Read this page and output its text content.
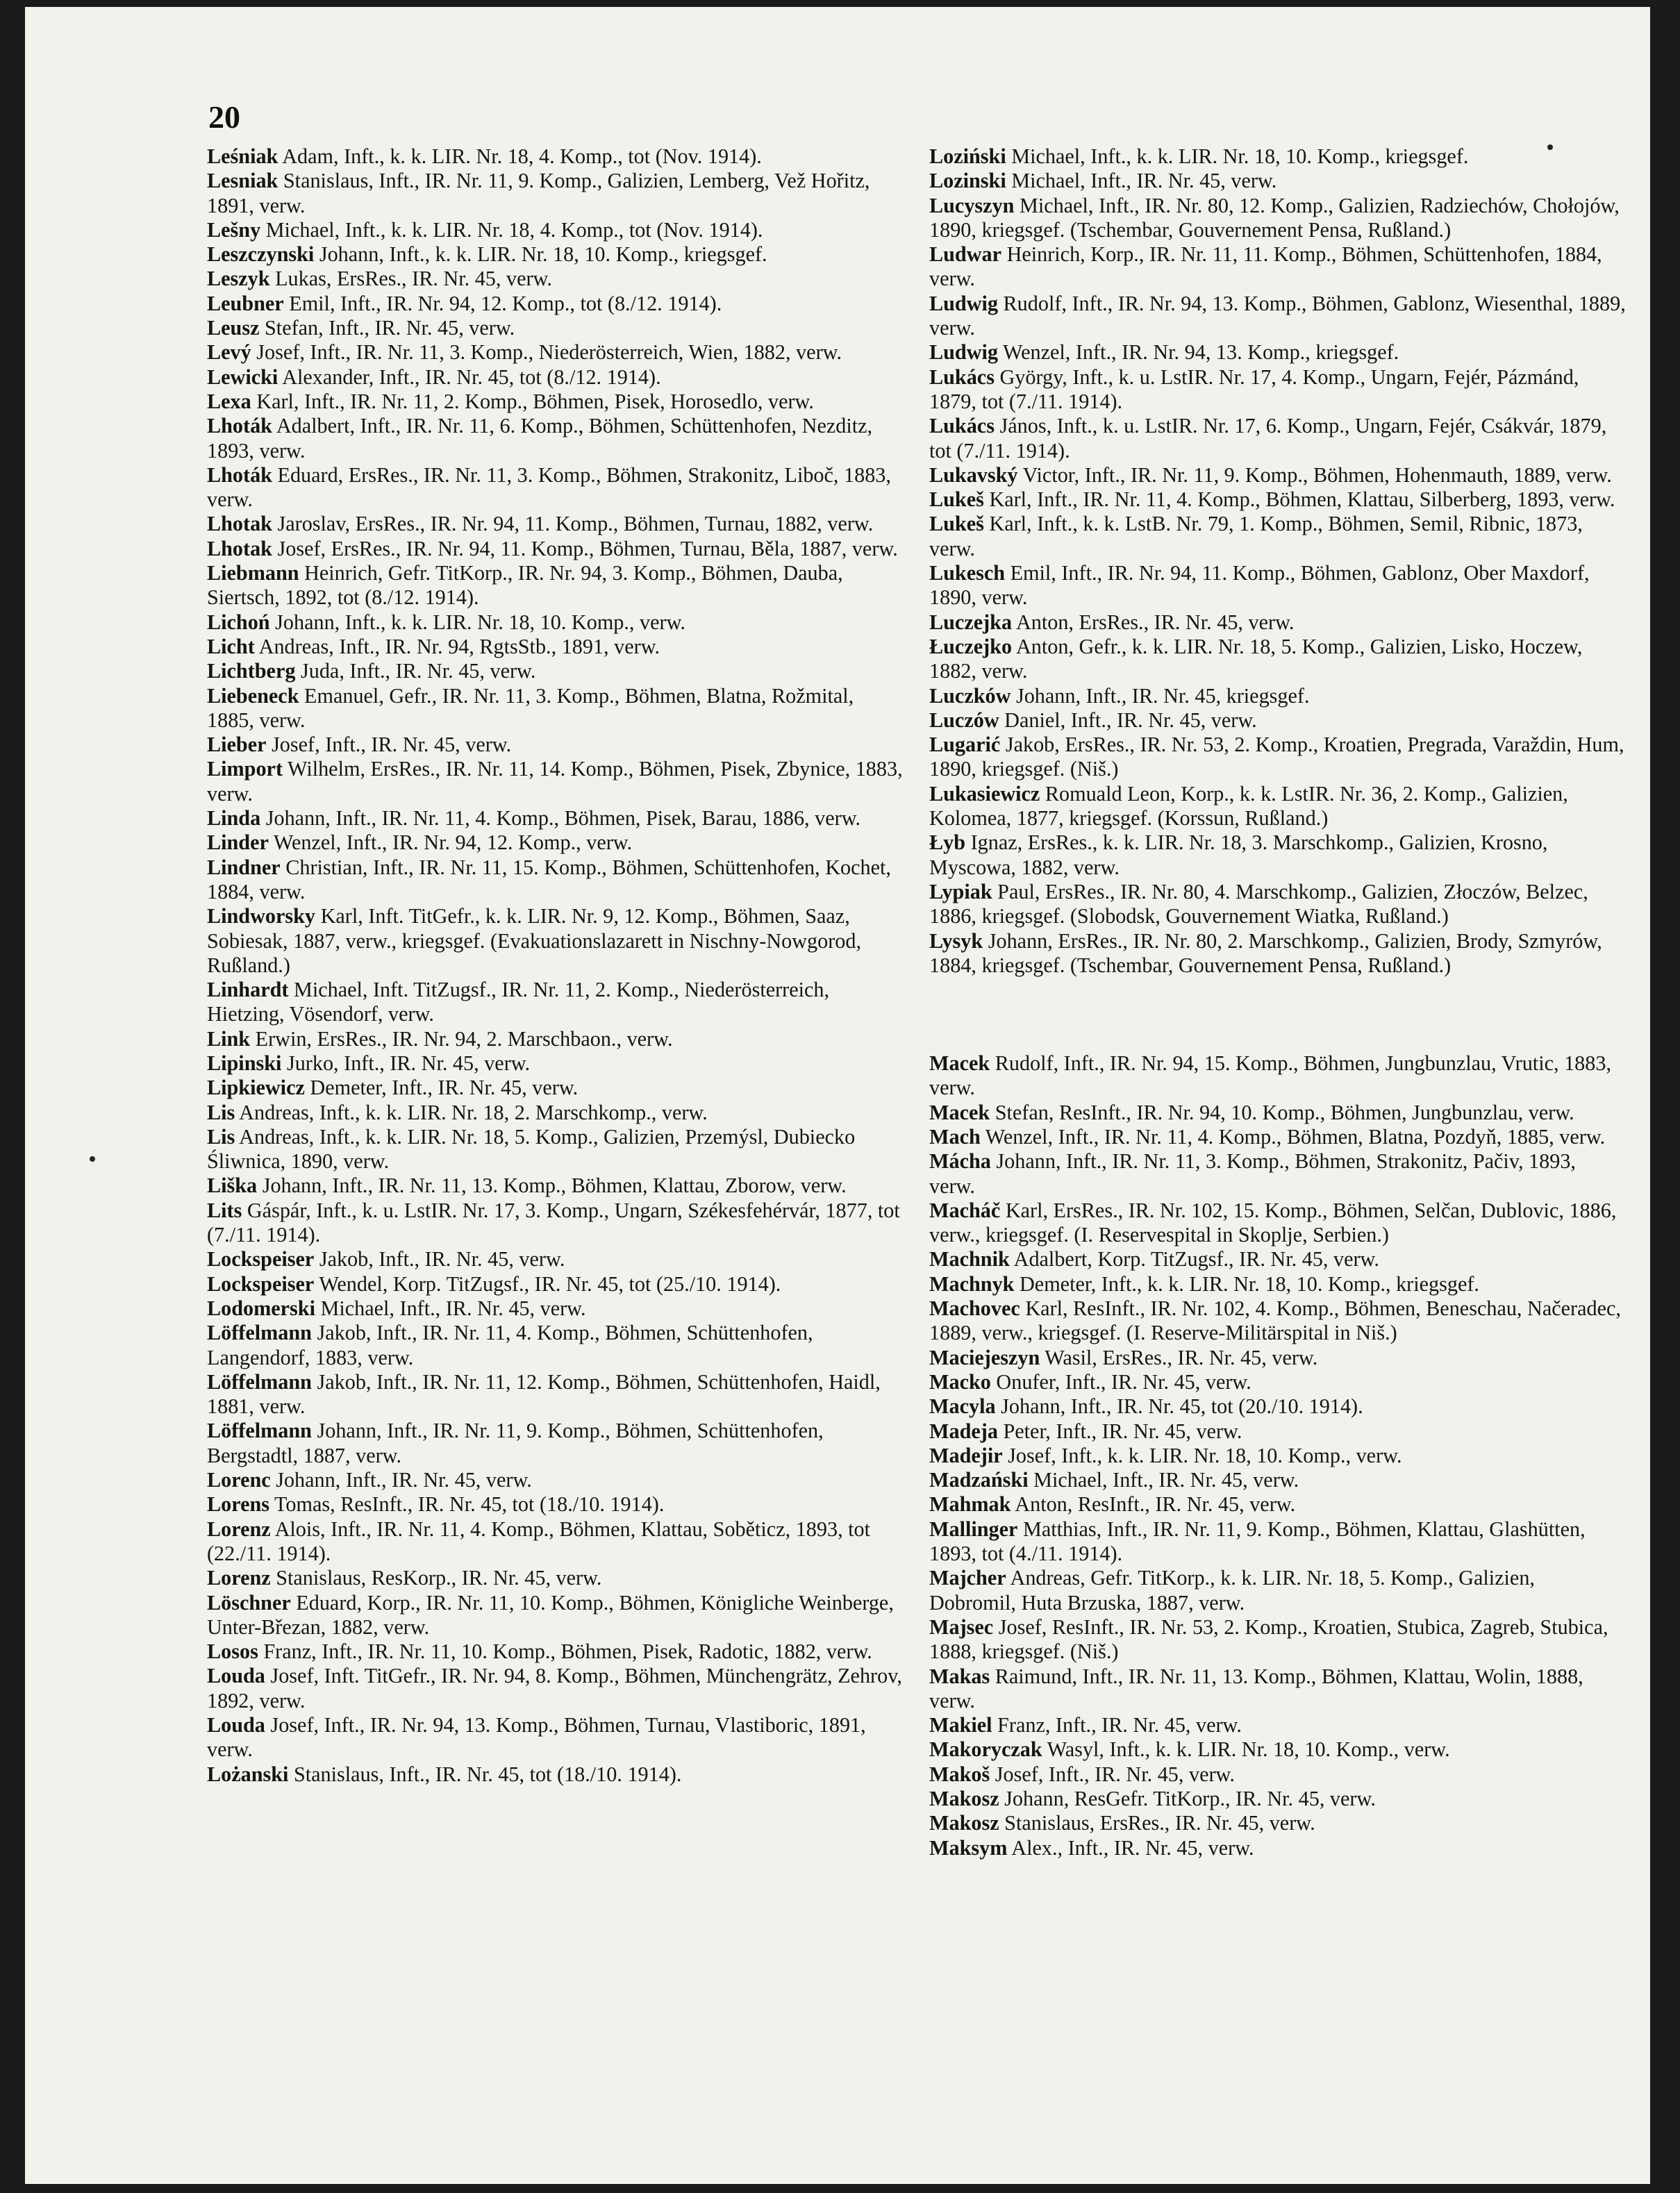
20
Leśniak Adam, Inft., k. k. LIR. Nr. 18, 4. Komp., tot (Nov. 1914).
Lesniak Stanislaus, Inft., IR. Nr. 11, 9. Komp., Galizien, Lemberg, Vež Hořitz, 1891, verw.
Lešny Michael, Inft., k. k. LIR. Nr. 18, 4. Komp., tot (Nov. 1914).
Leszczynski Johann, Inft., k. k. LIR. Nr. 18, 10. Komp., kriegsgef.
Leszyk Lukas, ErsRes., IR. Nr. 45, verw.
Leubner Emil, Inft., IR. Nr. 94, 12. Komp., tot (8./12. 1914).
Leusz Stefan, Inft., IR. Nr. 45, verw.
Levý Josef, Inft., IR. Nr. 11, 3. Komp., Niederösterreich, Wien, 1882, verw.
Lewicki Alexander, Inft., IR. Nr. 45, tot (8./12. 1914).
Lexa Karl, Inft., IR. Nr. 11, 2. Komp., Böhmen, Pisek, Horosedlo, verw.
Lhoták Adalbert, Inft., IR. Nr. 11, 6. Komp., Böhmen, Schüttenhofen, Nezditz, 1893, verw.
Lhoták Eduard, ErsRes., IR. Nr. 11, 3. Komp., Böhmen, Strakonitz, Liboč, 1883, verw.
Lhotak Jaroslav, ErsRes., IR. Nr. 94, 11. Komp., Böhmen, Turnau, 1882, verw.
Lhotak Josef, ErsRes., IR. Nr. 94, 11. Komp., Böhmen, Turnau, Běla, 1887, verw.
Liebmann Heinrich, Gefr. TitKorp., IR. Nr. 94, 3. Komp., Böhmen, Dauba, Siertsch, 1892, tot (8./12. 1914).
Lichoń Johann, Inft., k. k. LIR. Nr. 18, 10. Komp., verw.
Licht Andreas, Inft., IR. Nr. 94, RgtsStb., 1891, verw.
Lichtberg Juda, Inft., IR. Nr. 45, verw.
Liebeneck Emanuel, Gefr., IR. Nr. 11, 3. Komp., Böhmen, Blatna, Rožmital, 1885, verw.
Lieber Josef, Inft., IR. Nr. 45, verw.
Limport Wilhelm, ErsRes., IR. Nr. 11, 14. Komp., Böhmen, Pisek, Zbynice, 1883, verw.
Linda Johann, Inft., IR. Nr. 11, 4. Komp., Böhmen, Pisek, Barau, 1886, verw.
Linder Wenzel, Inft., IR. Nr. 94, 12. Komp., verw.
Lindner Christian, Inft., IR. Nr. 11, 15. Komp., Böhmen, Schüttenhofen, Kochet, 1884, verw.
Lindworsky Karl, Inft. TitGefr., k. k. LIR. Nr. 9, 12. Komp., Böhmen, Saaz, Sobiesak, 1887, verw., kriegsgef. (Evakuationslazarett in Nischny-Nowgorod, Rußland.)
Linhardt Michael, Inft. TitZugsf., IR. Nr. 11, 2. Komp., Niederösterreich, Hietzing, Vösendorf, verw.
Link Erwin, ErsRes., IR. Nr. 94, 2. Marschbaon., verw.
Lipinski Jurko, Inft., IR. Nr. 45, verw.
Lipkiewicz Demeter, Inft., IR. Nr. 45, verw.
Lis Andreas, Inft., k. k. LIR. Nr. 18, 2. Marschkomp., verw.
Lis Andreas, Inft., k. k. LIR. Nr. 18, 5. Komp., Galizien, Przemýsl, Dubiecko Śliwnica, 1890, verw.
Liška Johann, Inft., IR. Nr. 11, 13. Komp., Böhmen, Klattau, Zborow, verw.
Lits Gáspár, Inft., k. u. LstIR. Nr. 17, 3. Komp., Ungarn, Székesfehérvár, 1877, tot (7./11. 1914).
Lockspeiser Jakob, Inft., IR. Nr. 45, verw.
Lockspeiser Wendel, Korp. TitZugsf., IR. Nr. 45, tot (25./10. 1914).
Lodomerski Michael, Inft., IR. Nr. 45, verw.
Löffelmann Jakob, Inft., IR. Nr. 11, 4. Komp., Böhmen, Schüttenhofen, Langendorf, 1883, verw.
Löffelmann Jakob, Inft., IR. Nr. 11, 12. Komp., Böhmen, Schüttenhofen, Haidl, 1881, verw.
Löffelmann Johann, Inft., IR. Nr. 11, 9. Komp., Böhmen, Schüttenhofen, Bergstadtl, 1887, verw.
Lorenc Johann, Inft., IR. Nr. 45, verw.
Lorens Tomas, ResInft., IR. Nr. 45, tot (18./10. 1914).
Lorenz Alois, Inft., IR. Nr. 11, 4. Komp., Böhmen, Klattau, Soběticz, 1893, tot (22./11. 1914).
Lorenz Stanislaus, ResKorp., IR. Nr. 45, verw.
Löschner Eduard, Korp., IR. Nr. 11, 10. Komp., Böhmen, Königliche Weinberge, Unter-Březan, 1882, verw.
Losos Franz, Inft., IR. Nr. 11, 10. Komp., Böhmen, Pisek, Radotic, 1882, verw.
Louda Josef, Inft. TitGefr., IR. Nr. 94, 8. Komp., Böhmen, Münchengrätz, Zehrov, 1892, verw.
Louda Josef, Inft., IR. Nr. 94, 13. Komp., Böhmen, Turnau, Vlastiboric, 1891, verw.
Lożanski Stanislaus, Inft., IR. Nr. 45, tot (18./10. 1914).
Loziński Michael, Inft., k. k. LIR. Nr. 18, 10. Komp., kriegsgef.
Lozinski Michael, Inft., IR. Nr. 45, verw.
Lucyszyn Michael, Inft., IR. Nr. 80, 12. Komp., Galizien, Radziechów, Chołojów, 1890, kriegsgef. (Tschembar, Gouvernement Pensa, Rußland.)
Ludwar Heinrich, Korp., IR. Nr. 11, 11. Komp., Böhmen, Schüttenhofen, 1884, verw.
Ludwig Rudolf, Inft., IR. Nr. 94, 13. Komp., Böhmen, Gablonz, Wiesenthal, 1889, verw.
Ludwig Wenzel, Inft., IR. Nr. 94, 13. Komp., kriegsgef.
Lukács György, Inft., k. u. LstIR. Nr. 17, 4. Komp., Ungarn, Fejér, Pázmánd, 1879, tot (7./11. 1914).
Lukács János, Inft., k. u. LstIR. Nr. 17, 6. Komp., Ungarn, Fejér, Csákvár, 1879, tot (7./11. 1914).
Lukavský Victor, Inft., IR. Nr. 11, 9. Komp., Böhmen, Hohenmauth, 1889, verw.
Lukeš Karl, Inft., IR. Nr. 11, 4. Komp., Böhmen, Klattau, Silberberg, 1893, verw.
Lukeš Karl, Inft., k. k. LstB. Nr. 79, 1. Komp., Böhmen, Semil, Ribnic, 1873, verw.
Lukesch Emil, Inft., IR. Nr. 94, 11. Komp., Böhmen, Gablonz, Ober Maxdorf, 1890, verw.
Luczejka Anton, ErsRes., IR. Nr. 45, verw.
Łuczejko Anton, Gefr., k. k. LIR. Nr. 18, 5. Komp., Galizien, Lisko, Hoczew, 1882, verw.
Luczków Johann, Inft., IR. Nr. 45, kriegsgef.
Luczów Daniel, Inft., IR. Nr. 45, verw.
Lugarić Jakob, ErsRes., IR. Nr. 53, 2. Komp., Kroatien, Pregrada, Varaždin, Hum, 1890, kriegsgef. (Niš.)
Lukasiewicz Romuald Leon, Korp., k. k. LstIR. Nr. 36, 2. Komp., Galizien, Kolomea, 1877, kriegsgef. (Korssun, Rußland.)
Łyb Ignaz, ErsRes., k. k. LIR. Nr. 18, 3. Marschkomp., Galizien, Krosno, Myscowa, 1882, verw.
Lypiak Paul, ErsRes., IR. Nr. 80, 4. Marschkomp., Galizien, Złoczów, Belzec, 1886, kriegsgef. (Slobodsk, Gouvernement Wiatka, Rußland.)
Lysyk Johann, ErsRes., IR. Nr. 80, 2. Marschkomp., Galizien, Brody, Szmyrów, 1884, kriegsgef. (Tschembar, Gouvernement Pensa, Rußland.)
Macek Rudolf, Inft., IR. Nr. 94, 15. Komp., Böhmen, Jungbunzlau, Vrutic, 1883, verw.
Macek Stefan, ResInft., IR. Nr. 94, 10. Komp., Böhmen, Jungbunzlau, verw.
Mach Wenzel, Inft., IR. Nr. 11, 4. Komp., Böhmen, Blatna, Pozdyň, 1885, verw.
Mácha Johann, Inft., IR. Nr. 11, 3. Komp., Böhmen, Strakonitz, Pačiv, 1893, verw.
Macháč Karl, ErsRes., IR. Nr. 102, 15. Komp., Böhmen, Selčan, Dublovic, 1886, verw., kriegsgef. (I. Reservespital in Skoplje, Serbien.)
Machnik Adalbert, Korp. TitZugsf., IR. Nr. 45, verw.
Machnyk Demeter, Inft., k. k. LIR. Nr. 18, 10. Komp., kriegsgef.
Machovec Karl, ResInft., IR. Nr. 102, 4. Komp., Böhmen, Beneschau, Načeradec, 1889, verw., kriegsgef. (I. Reserve-Militärspital in Niš.)
Maciejeszyn Wasil, ErsRes., IR. Nr. 45, verw.
Macko Onufer, Inft., IR. Nr. 45, verw.
Macyla Johann, Inft., IR. Nr. 45, tot (20./10. 1914).
Madeja Peter, Inft., IR. Nr. 45, verw.
Madejir Josef, Inft., k. k. LIR. Nr. 18, 10. Komp., verw.
Madzański Michael, Inft., IR. Nr. 45, verw.
Mahmak Anton, ResInft., IR. Nr. 45, verw.
Mallinger Matthias, Inft., IR. Nr. 11, 9. Komp., Böhmen, Klattau, Glashütten, 1893, tot (4./11. 1914).
Majcher Andreas, Gefr. TitKorp., k. k. LIR. Nr. 18, 5. Komp., Galizien, Dobromil, Huta Brzuska, 1887, verw.
Majsec Josef, ResInft., IR. Nr. 53, 2. Komp., Kroatien, Stubica, Zagreb, Stubica, 1888, kriegsgef. (Niš.)
Makas Raimund, Inft., IR. Nr. 11, 13. Komp., Böhmen, Klattau, Wolin, 1888, verw.
Makiel Franz, Inft., IR. Nr. 45, verw.
Makoryczak Wasyl, Inft., k. k. LIR. Nr. 18, 10. Komp., verw.
Makoš Josef, Inft., IR. Nr. 45, verw.
Makosz Johann, ResGefr. TitKorp., IR. Nr. 45, verw.
Makosz Stanislaus, ErsRes., IR. Nr. 45, verw.
Maksym Alex., Inft., IR. Nr. 45, verw.
